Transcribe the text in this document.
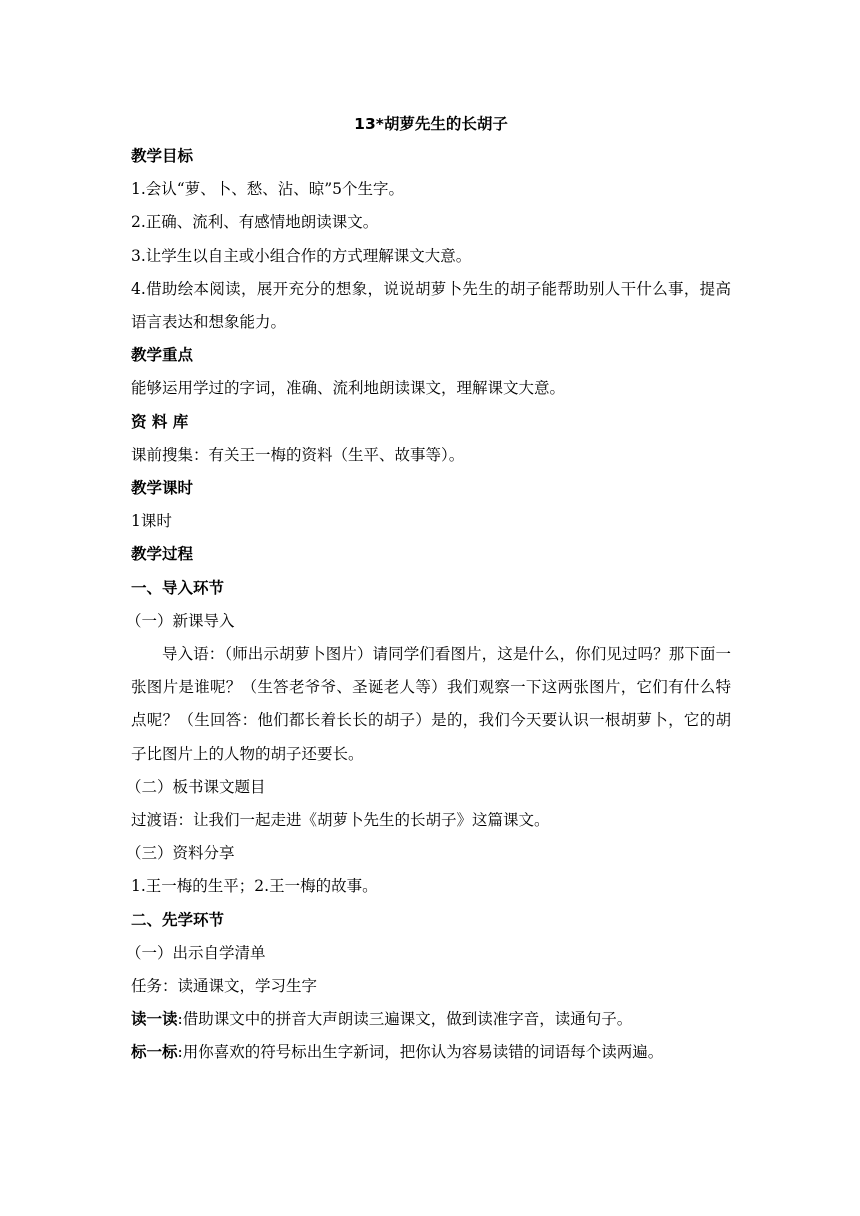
13*胡萝先生的长胡子

教学目标

1.会认“萝、卜、愁、沾、晾”5个生字。

2.正确、流利、有感情地朗读课文。

3.让学生以自主或小组合作的方式理解课文大意。

4.借助绘本阅读，展开充分的想象，说说胡萝卜先生的胡子能帮助别人干什么事，提高语言表达和想象能力。

教学重点

能够运用学过的字词，准确、流利地朗读课文，理解课文大意。

资 料 库

课前搜集：有关王一梅的资料（生平、故事等）。

教学课时

1课时

教学过程

一、导入环节

（一）新课导入

导入语：（师出示胡萝卜图片）请同学们看图片，这是什么，你们见过吗？那下面一张图片是谁呢？（生答老爷爷、圣诞老人等）我们观察一下这两张图片，它们有什么特点呢？（生回答：他们都长着长长的胡子）是的，我们今天要认识一根胡萝卜，它的胡子比图片上的人物的胡子还要长。

（二）板书课文题目

过渡语：让我们一起走进《胡萝卜先生的长胡子》这篇课文。

（三）资料分享

1.王一梅的生平；2.王一梅的故事。

二、先学环节

（一）出示自学清单

任务：读通课文，学习生字

读一读:借助课文中的拼音大声朗读三遍课文，做到读准字音，读通句子。

标一标:用你喜欢的符号标出生字新词，把你认为容易读错的词语每个读两遍。
